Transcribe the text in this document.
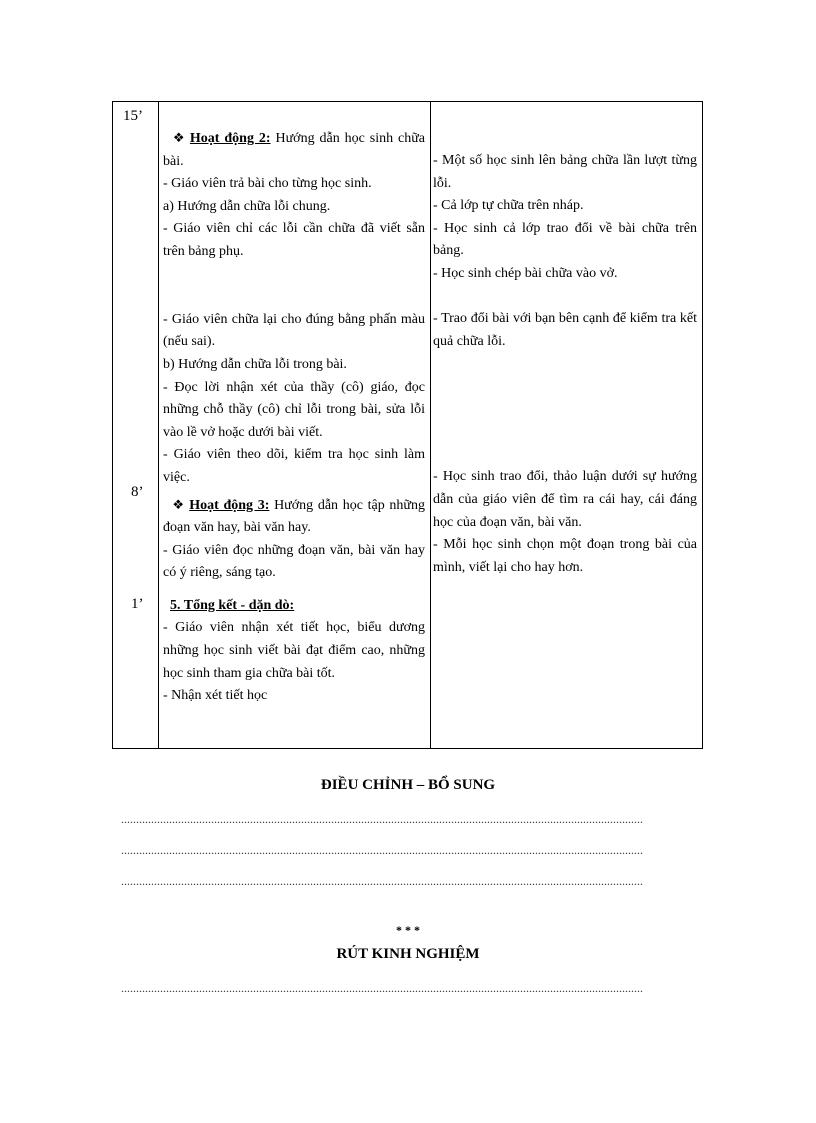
15’
8’
1’

❖ Hoạt động 2: Hướng dẫn học sinh chữa bài.

- Giáo viên trả bài cho từng học sinh.

a) Hướng dẫn chữa lỗi chung.

- Giáo viên chỉ các lỗi cần chữa đã viết sẵn trên bảng phụ.

- Giáo viên chữa lại cho đúng bằng phấn màu (nếu sai).

b) Hướng dẫn chữa lỗi trong bài.

- Đọc lời nhận xét của thầy (cô) giáo, đọc những chỗ thầy (cô) chỉ lỗi trong bài, sửa lỗi vào lề vở hoặc dưới bài viết.

- Giáo viên theo dõi, kiểm tra học sinh làm việc.

❖ Hoạt động 3: Hướng dẫn học tập những đoạn văn hay, bài văn hay.

- Giáo viên đọc những đoạn văn, bài văn hay có ý riêng, sáng tạo.

5. Tổng kết - dặn dò:

- Giáo viên nhận xét tiết học, biểu dương những học sinh viết bài đạt điểm cao, những học sinh tham gia chữa bài tốt.

- Nhận xét tiết học

- Một số học sinh lên bảng chữa lần lượt từng lỗi.

- Cả lớp tự chữa trên nháp.

- Học sinh cả lớp trao đổi về bài chữa trên bảng.

- Học sinh chép bài chữa vào vở.

- Trao đổi bài với bạn bên cạnh để kiểm tra kết quả chữa lỗi.

- Học sinh trao đổi, thảo luận dưới sự hướng dẫn của giáo viên để tìm ra cái hay, cái đáng học của đoạn văn, bài văn.

- Mỗi học sinh chọn một đoạn trong bài của mình, viết lại cho hay hơn.

ĐIỀU CHỈNH – BỔ SUNG
..............................................................................................................................................................................
..............................................................................................................................................................................
..............................................................................................................................................................................
* * *
RÚT KINH NGHIỆM
..............................................................................................................................................................................
